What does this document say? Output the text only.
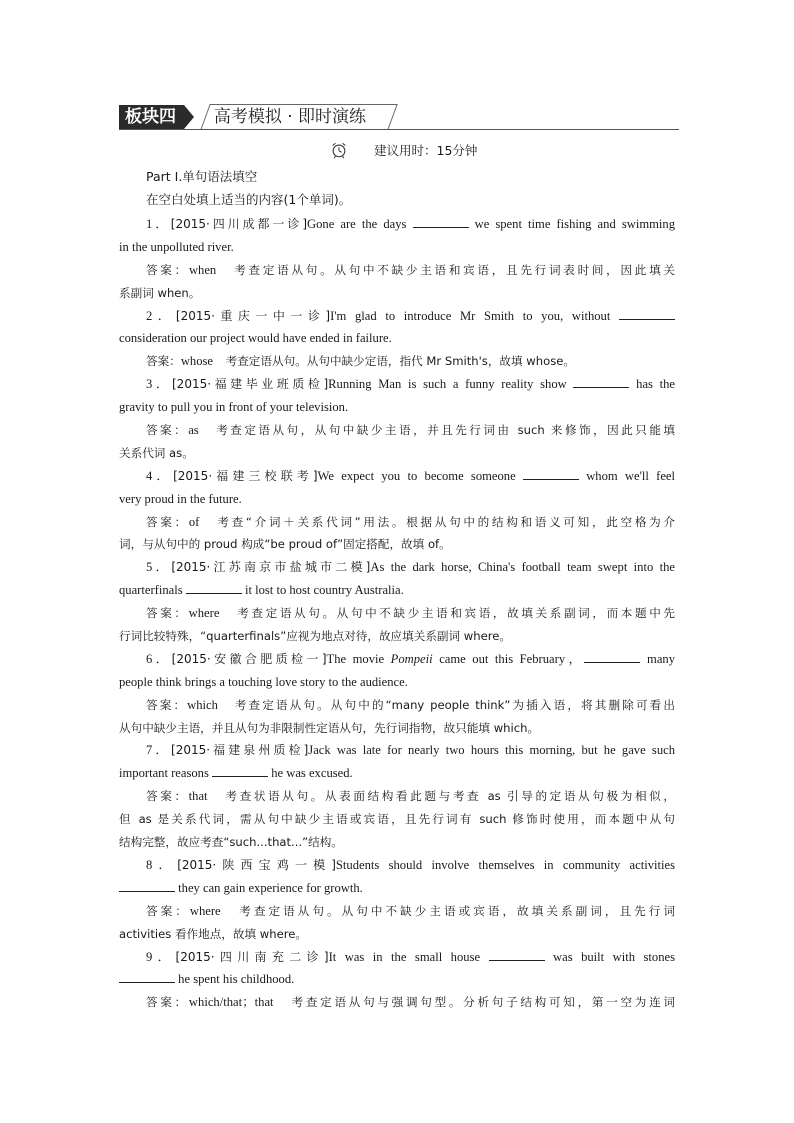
板块四	高考模拟 · 即时演练
建议用时：15分钟
Part Ⅰ.单句语法填空
在空白处填上适当的内容(1个单词)。
1．[2015·四川成都一诊]Gone are the days	we spent time fishing and swimming
in the unpolluted river.
答案 ： when　 考查定语从句。从句中不缺少主语和宾语，且先行词表时间，因此填关
系副词 when。
2．[2015·重庆一中一诊]I'm glad to introduce Mr Smith to you, without
consideration our project would have ended in failure.
答案 ： whose　 考查定语从句。从句中缺少定语，指代 Mr Smith's，故填 whose。
3．[2015·福建毕业班质检]Running Man is such a funny reality show	has the
gravity to pull you in front of your television.
答案 ： as　 考查定语从句，从句中缺少主语，并且先行词由 such 来修饰，因此只能填
关系代词 as。
4．[2015·福建三校联考]We expect you to become someone	whom we'll feel
very proud in the future.
答案 ： of　 考查“介词＋关系代词”用法。根据从句中的结构和语义可知，此空格为介
词，与从句中的 proud 构成“be proud of”固定搭配，故填 of。
5．[2015·江苏南京市盐城市二模]As the dark horse, China's football team swept into the
quarterfinals	it lost to host country Australia.
答案 ： where　 考查定语从句。从句中不缺少主语和宾语，故填关系副词，而本题中先
行词比较特殊，“quarterfinals”应视为地点对待，故应填关系副词 where。
6．[2015·安徽合肥质检一]The movie Pompeii came out this February，	many
people think brings a touching love story to the audience.
答案 ： which　 考查定语从句。从句中的“many people think”为插入语，将其删除可看出
从句中缺少主语，并且从句为非限制性定语从句，先行词指物，故只能填 which。
7．[2015·福建泉州质检]Jack was late for nearly two hours this morning, but he gave such
important reasons	he was excused.
答案 ： that　 考查状语从句。从表面结构看此题与考查 as 引导的定语从句极为相似，
但 as 是关系代词，需从句中缺少主语或宾语，且先行词有 such 修饰时使用，而本题中从句
结构完整，故应考查“such...that...”结构。
8．[2015·陕西宝鸡一模]Students should involve themselves in community activities
they can gain experience for growth.
答案 ： where　 考查定语从句。从句中不缺少主语或宾语，故填关系副词，且先行词
activities 看作地点，故填 where。
9．[2015·四川南充二诊]It was in the small house	was built with stones
he spent his childhood.
答案 ： which/that；that　 考查定语从句与强调句型。分析句子结构可知，第一空为连词
